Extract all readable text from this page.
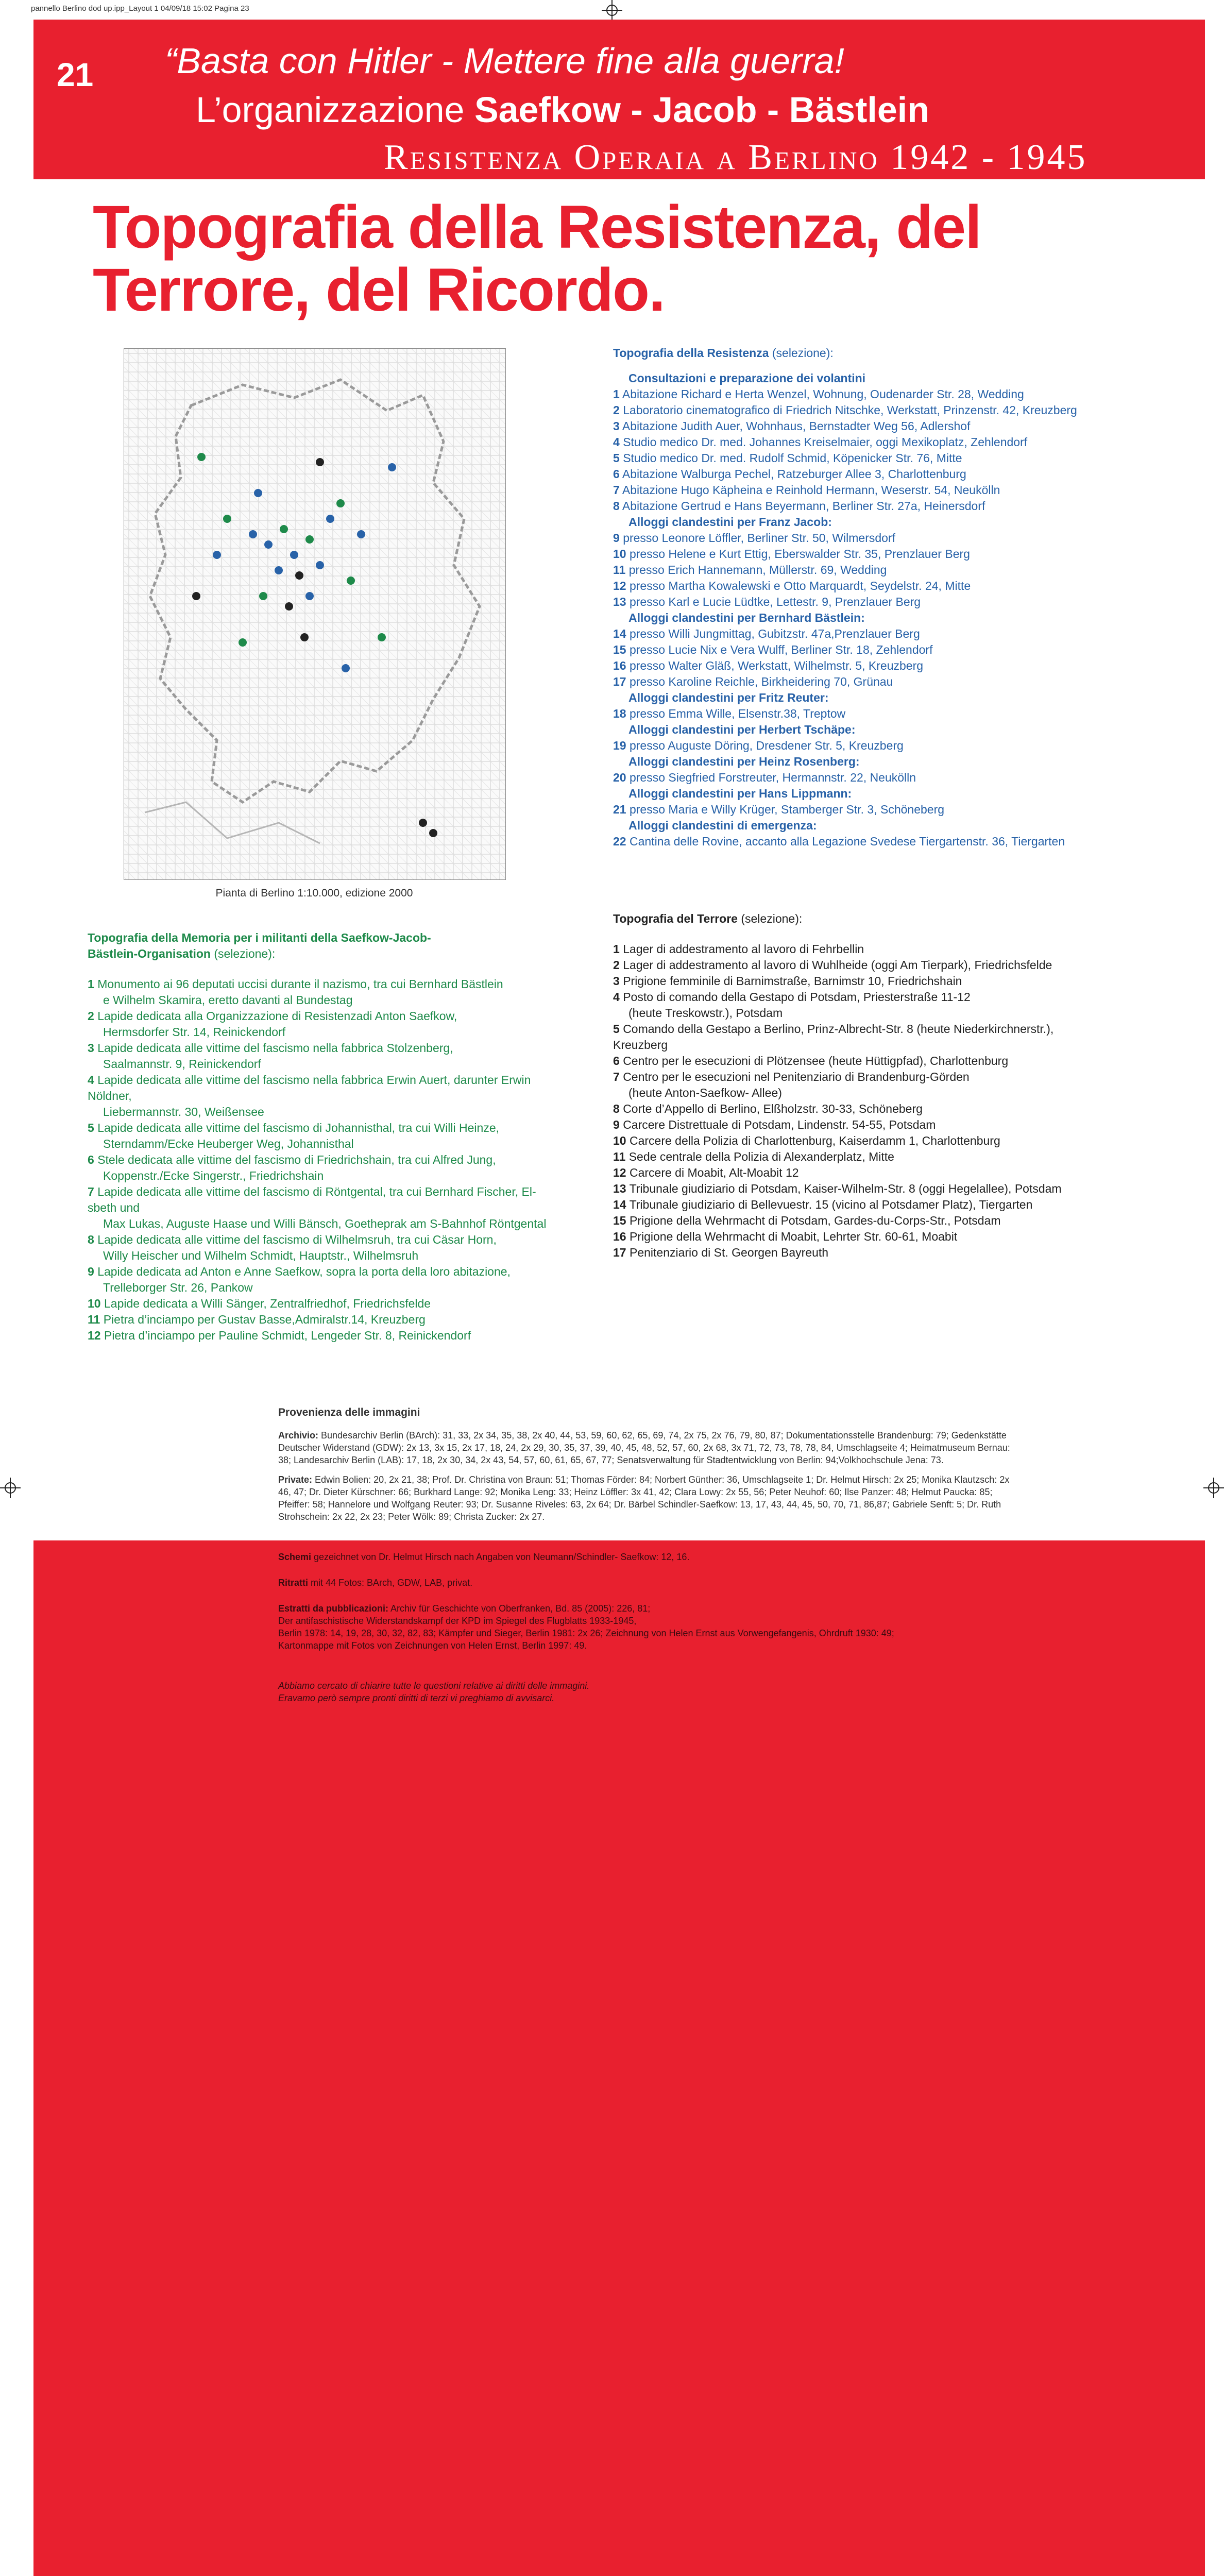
pannello Berlino dod up.ipp_Layout 1 04/09/18 15:02 Pagina 23
21 “Basta con Hitler - Mettere fine alla guerra!
L’organizzazione Saefkow - Jacob - Bästlein
Resistenza Operaia a Berlino 1942 - 1945
Topografia della Resistenza, del Terrore, del Ricordo.
Pianta di Berlino 1:10.000, edizione 2000
Topografia della Resistenza (selezione):
Consultazioni e preparazione dei volantini
1 Abitazione Richard e Herta Wenzel, Wohnung, Oudenarder Str. 28, Wedding
2 Laboratorio cinematografico di Friedrich Nitschke, Werkstatt, Prinzenstr. 42, Kreuzberg
3 Abitazione Judith Auer, Wohnhaus, Bernstadter Weg 56, Adlershof
4 Studio medico Dr. med. Johannes Kreiselmaier, oggi Mexikoplatz, Zehlendorf
5 Studio medico Dr. med. Rudolf Schmid, Köpenicker Str. 76, Mitte
6 Abitazione Walburga Pechel, Ratzeburger Allee 3, Charlottenburg
7 Abitazione Hugo Käpheina e Reinhold Hermann, Weserstr. 54, Neukölln
8 Abitazione Gertrud e Hans Beyermann, Berliner Str. 27a, Heinersdorf
Alloggi clandestini per Franz Jacob:
9 presso Leonore Löffler, Berliner Str. 50, Wilmersdorf
10 presso Helene e Kurt Ettig, Eberswalder Str. 35, Prenzlauer Berg
11 presso Erich Hannemann, Müllerstr. 69, Wedding
12 presso Martha Kowalewski e Otto Marquardt, Seydelstr. 24, Mitte
13 presso Karl e Lucie Lüdtke, Lettestr. 9, Prenzlauer Berg
Alloggi clandestini per Bernhard Bästlein:
14 presso Willi Jungmittag, Gubitzstr. 47a,Prenzlauer Berg
15 presso Lucie Nix e Vera Wulff, Berliner Str. 18, Zehlendorf
16 presso Walter Gläß, Werkstatt, Wilhelmstr. 5, Kreuzberg
17 presso Karoline Reichle, Birkheidering 70, Grünau
Alloggi clandestini per Fritz Reuter:
18 presso Emma Wille, Elsenstr.38, Treptow
Alloggi clandestini per Herbert Tschäpe:
19 presso Auguste Döring, Dresdener Str. 5, Kreuzberg
Alloggi clandestini per Heinz Rosenberg:
20 presso Siegfried Forstreuter, Hermannstr. 22, Neukölln
Alloggi clandestini per Hans Lippmann:
21 presso Maria e Willy Krüger, Stamberger Str. 3, Schöneberg
Alloggi clandestini di emergenza:
22 Cantina delle Rovine, accanto alla Legazione Svedese Tiergartenstr. 36, Tiergarten
Topografia del Terrore (selezione):
1 Lager di addestramento al lavoro di Fehrbellin
2 Lager di addestramento al lavoro di Wuhlheide (oggi Am Tierpark), Friedrichsfelde
3 Prigione femminile di Barnimstraße, Barnimstr 10, Friedrichshain
4 Posto di comando della Gestapo di Potsdam, Priesterstraße 11-12
(heute Treskowstr.), Potsdam
5 Comando della Gestapo a Berlino, Prinz-Albrecht-Str. 8 (heute Niederkirchnerstr.),
Kreuzberg
6 Centro per le esecuzioni di Plötzensee (heute Hüttigpfad), Charlottenburg
7 Centro per le esecuzioni nel Penitenziario di Brandenburg-Görden
(heute Anton-Saefkow- Allee)
8 Corte d’Appello di Berlino, Elßholzstr. 30-33, Schöneberg
9 Carcere Distrettuale di Potsdam, Lindenstr. 54-55, Potsdam
10 Carcere della Polizia di Charlottenburg, Kaiserdamm 1, Charlottenburg
11 Sede centrale della Polizia di Alexanderplatz, Mitte
12 Carcere di Moabit, Alt-Moabit 12
13 Tribunale giudiziario di Potsdam, Kaiser-Wilhelm-Str. 8 (oggi Hegelallee), Potsdam
14 Tribunale giudiziario di Bellevuestr. 15 (vicino al Potsdamer Platz), Tiergarten
15 Prigione della Wehrmacht di Potsdam, Gardes-du-Corps-Str., Potsdam
16 Prigione della Wehrmacht di Moabit, Lehrter Str. 60-61, Moabit
17 Penitenziario di St. Georgen Bayreuth
Topografia della Memoria per i militanti della Saefkow-Jacob-Bästlein-Organisation (selezione):
1 Monumento ai 96 deputati uccisi durante il nazismo, tra cui Bernhard Bästlein
e Wilhelm Skamira, eretto davanti al Bundestag
2 Lapide dedicata alla Organizzazione di Resistenzadi Anton Saefkow,
Hermsdorfer Str. 14, Reinickendorf
3 Lapide dedicata alle vittime del fascismo nella fabbrica Stolzenberg,
Saalmannstr. 9, Reinickendorf
4 Lapide dedicata alle vittime del fascismo nella fabbrica Erwin Auert, darunter Erwin
Nöldner,
Liebermannstr. 30, Weißensee
5 Lapide dedicata alle vittime del fascismo di Johannisthal, tra cui Willi Heinze,
Sterndamm/Ecke Heuberger Weg, Johannisthal
6 Stele dedicata alle vittime del fascismo di Friedrichshain, tra cui Alfred Jung,
Koppenstr./Ecke Singerstr., Friedrichshain
7 Lapide dedicata alle vittime del fascismo di Röntgental, tra cui Bernhard Fischer, El-
sbeth und
Max Lukas, Auguste Haase und Willi Bänsch, Goetheprak am S-Bahnhof Röntgental
8 Lapide dedicata alle vittime del fascismo di Wilhelmsruh, tra cui Cäsar Horn,
Willy Heischer und Wilhelm Schmidt, Hauptstr., Wilhelmsruh
9 Lapide dedicata ad Anton e Anne Saefkow, sopra la porta della loro abitazione,
Trelleborger Str. 26, Pankow
10 Lapide dedicata a Willi Sänger, Zentralfriedhof, Friedrichsfelde
11 Pietra d’inciampo per Gustav Basse,Admiralstr.14, Kreuzberg
12 Pietra d’inciampo per Pauline Schmidt, Lengeder Str. 8, Reinickendorf

Provenienza delle immagini

Archivio: Bundesarchiv Berlin (BArch): 31, 33, 2x 34, 35, 38, 2x 40, 44, 53, 59, 60, 62, 65, 69, 74, 2x 75, 2x 76, 79, 80, 87; Dokumentationsstelle Brandenburg: 79; Gedenkstätte Deutscher Widerstand (GDW): 2x 13, 3x 15, 2x 17, 18, 24, 2x 29, 30, 35, 37, 39, 40, 45, 48, 52, 57, 60, 2x 68, 3x 71, 72, 73, 78, 78, 84, Umschlagseite 4; Heimatmuseum Bernau: 38; Landesarchiv Berlin (LAB): 17, 18, 2x 30, 34, 2x 43, 54, 57, 60, 61, 65, 67, 77; Senatsverwaltung für Stadtentwicklung von Berlin: 94;Volkhochschule Jena: 73.

Private: Edwin Bolien: 20, 2x 21, 38; Prof. Dr. Christina von Braun: 51; Thomas Förder: 84; Norbert Günther: 36, Umschlagseite 1; Dr. Helmut Hirsch: 2x 25; Monika Klautzsch: 2x 46, 47; Dr. Dieter Kürschner: 66; Burkhard Lange: 92; Monika Leng: 33; Heinz Löffler: 3x 41, 42; Clara Lowy: 2x 55, 56; Peter Neuhof: 60; Ilse Panzer: 48; Helmut Paucka: 85; Pfeiffer: 58; Hannelore und Wolfgang Reuter: 93; Dr. Susanne Riveles: 63, 2x 64; Dr. Bärbel Schindler-Saefkow: 13, 17, 43, 44, 45, 50, 70, 71, 86,87; Gabriele Senft: 5; Dr. Ruth Strohschein: 2x 22, 2x 23; Peter Wölk: 89; Christa Zucker: 2x 27.

Schemi gezeichnet von Dr. Helmut Hirsch nach Angaben von Neumann/Schindler- Saefkow: 12, 16.
Ritratti mit 44 Fotos: BArch, GDW, LAB, privat.
Estratti da pubblicazioni: Archiv für Geschichte von Oberfranken, Bd. 85 (2005): 226, 81;
Der antifaschistische Widerstandskampf der KPD im Spiegel des Flugblatts 1933-1945,
Berlin 1978: 14, 19, 28, 30, 32, 82, 83; Kämpfer und Sieger, Berlin 1981: 2x 26; Zeichnung von Helen Ernst aus Vorwengefangenis, Ohrdruft 1930: 49;
Kartonmappe mit Fotos von Zeichnungen von Helen Ernst, Berlin 1997: 49.
Abbiamo cercato di chiarire tutte le questioni relative ai diritti delle immagini.
Eravamo però sempre pronti diritti di terzi vi preghiamo di avvisarci.
